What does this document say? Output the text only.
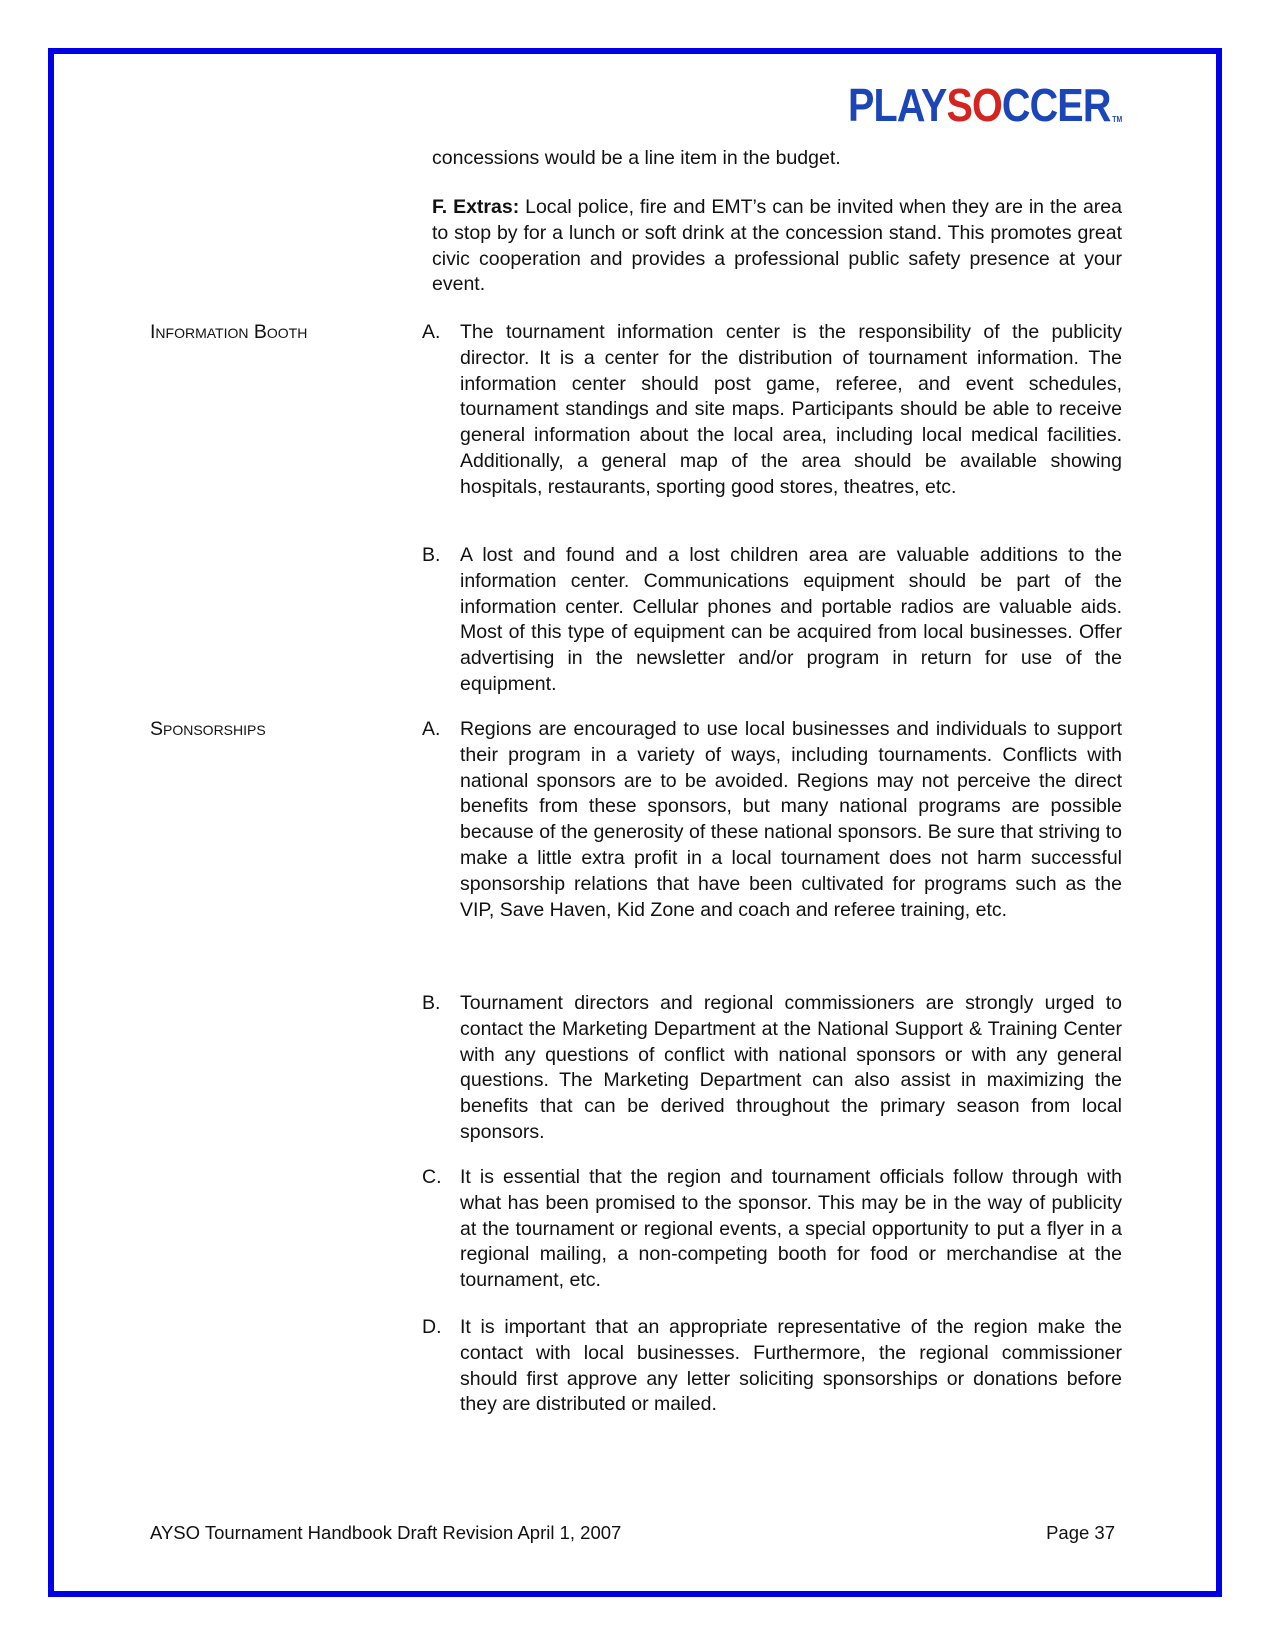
PLAY SO CCER TM
concessions would be a line item in the budget.
F. Extras: Local police, fire and EMT’s can be invited when they are in the area to stop by for a lunch or soft drink at the concession stand. This promotes great civic cooperation and provides a professional public safety presence at your event.
Information Booth	A.	The tournament information center is the responsibility of the publicity director. It is a center for the distribution of tournament information. The information center should post game, referee, and event schedules, tournament standings and site maps. Participants should be able to receive general information about the local area, including local medical facilities. Additionally, a general map of the area should be available showing hospitals, restaurants, sporting good stores, theatres, etc.
B.	A lost and found and a lost children area are valuable additions to the information center. Communications equipment should be part of the information center. Cellular phones and portable radios are valuable aids. Most of this type of equipment can be acquired from local businesses. Offer advertising in the newsletter and/or program in return for use of the equipment.
Sponsorships	A.	Regions are encouraged to use local businesses and individuals to support their program in a variety of ways, including tournaments. Conflicts with national sponsors are to be avoided. Regions may not perceive the direct benefits from these sponsors, but many national programs are possible because of the generosity of these national sponsors. Be sure that striving to make a little extra profit in a local tournament does not harm successful sponsorship relations that have been cultivated for programs such as the VIP, Save Haven, Kid Zone and coach and referee training, etc.
B.	Tournament directors and regional commissioners are strongly urged to contact the Marketing Department at the National Support & Training Center with any questions of conflict with national sponsors or with any general questions. The Marketing Department can also assist in maximizing the benefits that can be derived throughout the primary season from local sponsors.
C. It is essential that the region and tournament officials follow through with what has been promised to the sponsor. This may be in the way of publicity at the tournament or regional events, a special opportunity to put a flyer in a regional mailing, a non-competing booth for food or merchandise at the tournament, etc.
D. It is important that an appropriate representative of the region make the contact with local businesses. Furthermore, the regional commissioner should first approve any letter soliciting sponsorships or donations before they are distributed or mailed.
AYSO Tournament Handbook Draft Revision April 1, 2007	Page 37
